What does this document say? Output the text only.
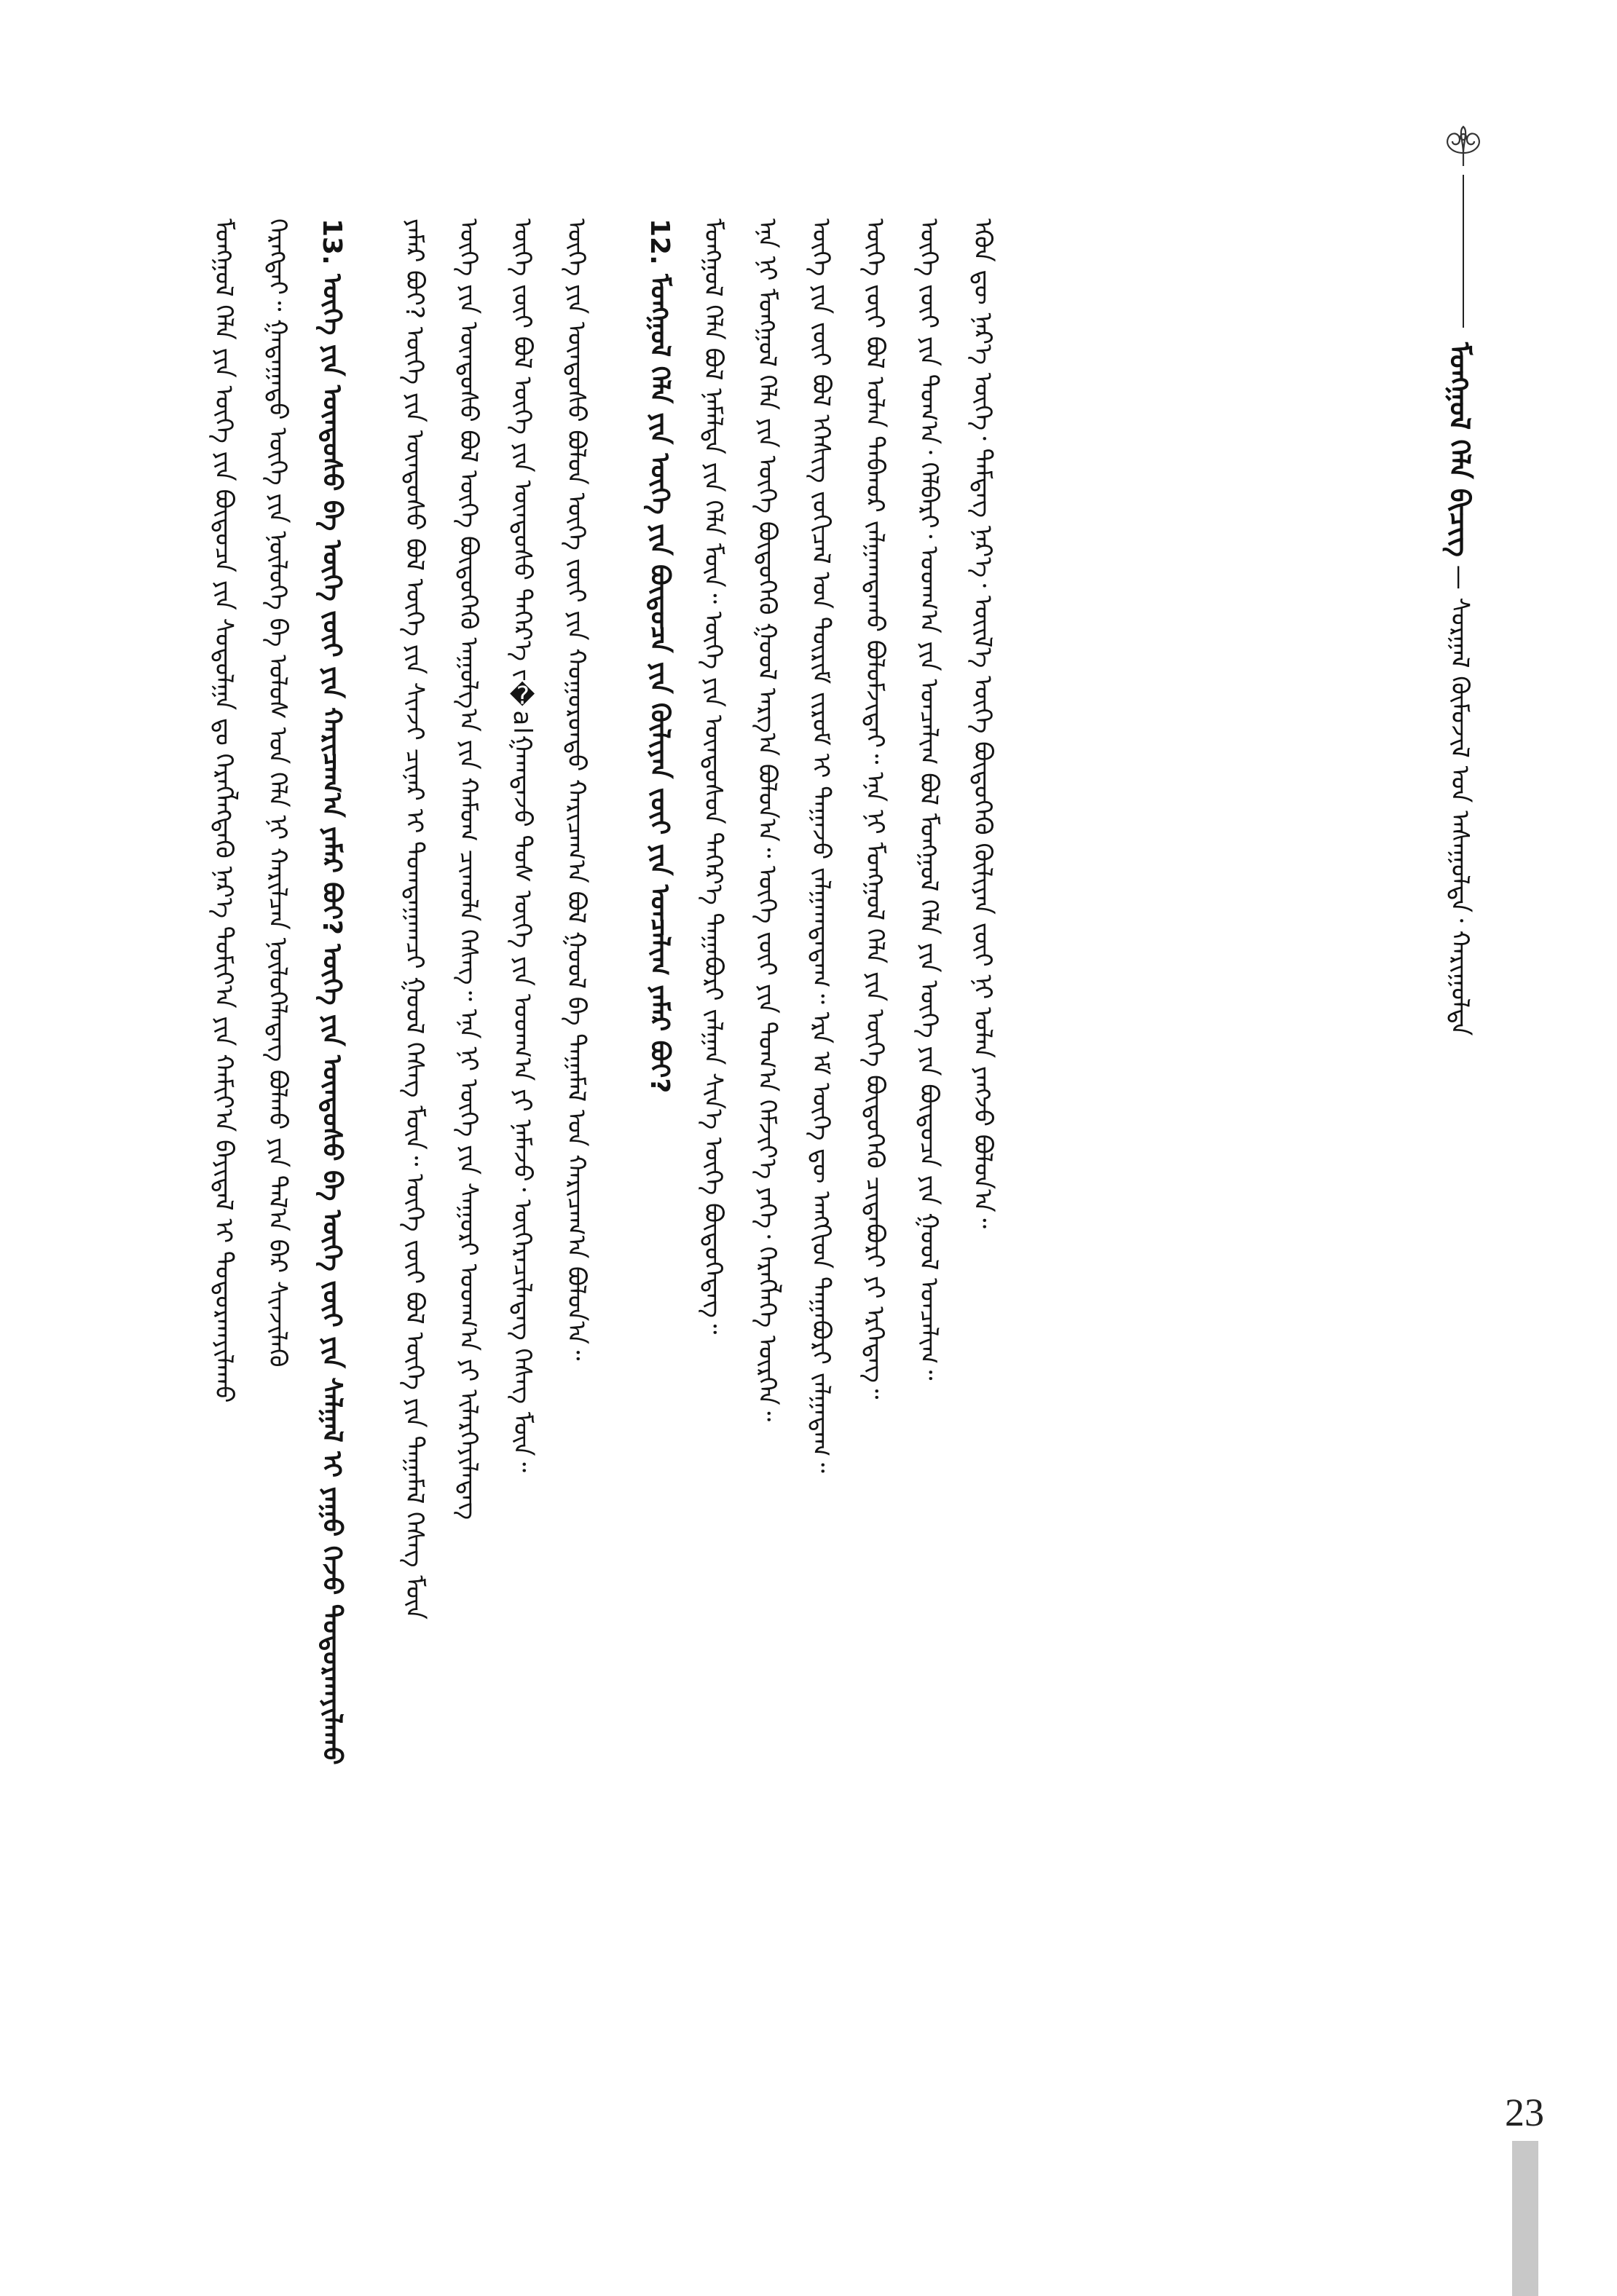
ᠮᠣᠩᠭᠣᠯ ᠬᠡᠯᠡ ᠪᠢᠴᠢᠭ — ᠰᠤᠷᠭᠠᠯ ᠬᠦᠮᠦᠵᠢᠯ ᠤᠨ ᠠᠰᠠᠭᠤᠯᠲᠠ᠂ ᠬᠠᠷᠢᠭᠤᠯᠲᠠ
ᠮᠣᠩᠭᠣᠯ ᠬᠡᠯᠡ ᠶᠢᠨ ᠦᠭᠡ ᠶᠢᠨ ᠪᠦᠲᠦᠴᠡ ᠶᠢᠨ ᠰᠤᠳᠤᠯᠭᠠ ᠳᠤ ᠬᠡᠷᠡᠭᠯᠡᠭᠳᠡᠬᠦ ᠨᠡᠷ᠎ᠡ ᠲᠣᠮᠢᠶ᠎ᠠ ᠶᠢᠨ ᠬᠠᠮᠢᠶ᠎ᠠ ᠪᠠᠶᠢᠳᠠᠯ ᠢ ᠲᠣᠳᠣᠷᠬᠠᠶᠢᠯᠠᠬᠤ	ᠬᠡᠷᠡᠭᠲᠡᠢ᠃ ᠭᠠᠳᠠᠭᠠᠳᠤ ᠦᠭᠡ ᠶᠢᠨ ᠨᠥᠯᠦᠭᠡ ᠪᠠ ᠤᠯᠤᠰ ᠤᠨ ᠬᠡᠯᠡ ᠨᠢ ᠬᠠᠷᠢᠯᠴᠠᠨ ᠨᠥᠯᠦᠭᠡᠯᠡᠳᠡᠭ ᠪᠣᠯᠬᠣ ᠶᠢᠨ ᠲᠠᠯ᠎ᠠ ᠪᠡᠷ ᠰᠢᠨᠵᠢᠯᠡᠬᠦ 13. ᠦᠭᠡ ᠶᠢᠨ ᠦᠨᠳᠦᠰᠦ ᠪᠠ ᠦᠭᠡ ᠵᠦᠢ ᠶᠢᠨ ᠬᠠᠷᠢᠴᠠᠭ᠎ᠠ ᠶᠠᠮᠠᠷ ᠪᠣᠢ? ᠦᠭᠡ ᠶᠢᠨ ᠦᠨᠳᠦᠰᠦ ᠪᠠ ᠦᠭᠡ ᠵᠦᠢ ᠶᠢᠨ ᠰᠠᠯᠭᠠᠯ ᠢ ᠶᠠᠭᠤ ᠭᠡᠵᠦ ᠲᠣᠳᠣᠷᠬᠠᠶᠢᠯᠠᠬᠤ	ᠶᠠᠮᠠᠷ ᠪᠣᠢ? ᠦᠭᠡ ᠶᠢᠨ ᠦᠨᠳᠦᠰᠦ ᠪᠣᠯ ᠦᠭᠡ ᠶᠢᠨ ᠰᠢᠨᠵᠢ ᠴᠢᠨᠠᠷ ᠢ ᠲᠣᠭᠲᠠᠭᠠᠭᠴᠢ ᠭᠣᠣᠯ ᠬᠡᠰᠡᠭ ᠮᠥᠨ᠃ ᠦᠭᠡ ᠵᠦᠢ ᠪᠣᠯ ᠦᠭᠡ ᠶᠢᠨ ᠳᠠᠭᠠᠮᠠᠯ ᠬᠡᠰᠡᠭ ᠮᠥᠨ	ᠦᠭᠡ ᠶᠢᠨ ᠦᠨᠳᠦᠰᠦ ᠪᠣᠯ ᠦᠭᠡ ᠪᠦᠲᠦᠭᠡᠬᠦ ᠠᠭᠤᠯᠭ᠎ᠠ ᠶᠢᠨ ᠬᠠᠮᠤᠭ ᠴᠢᠬᠤᠯᠠ ᠬᠡᠰᠡᠭ᠃ ᠡᠨᠡ ᠨᠢ ᠦᠭᠡ ᠶᠢᠨ ᠰᠠᠭᠤᠷᠢ ᠤᠳᠬ᠎ᠠ ᠶᠢ ᠢᠯᠡᠷᠬᠡᠶᠢᠯᠡᠳᠡᠭ	ᠦᠭᠡ ᠵᠦᠢ ᠪᠣᠯ ᠦᠭᠡ ᠶᠢᠨ ᠦᠨᠳᠦᠰᠦ ᠳᠡᠭᠡᠷ᠎ᠡ ᠵ�alᠭᠠᠭᠳᠠᠵᠤ ᠲᠤᠰ ᠦᠭᠡ ᠶᠢᠨ ᠤᠳᠬ᠎ᠠ ᠶᠢ ᠨᠡᠮᠡᠵᠦ᠂ ᠥᠭᠡᠷᠡᠴᠢᠯᠡᠳᠡᠭ ᠬᠡᠰᠡᠭ ᠮᠥᠨ᠃	ᠦᠭᠡ ᠶᠢᠨ ᠦᠨᠳᠦᠰᠦ ᠪᠣᠯᠤᠨ ᠦᠭᠡ ᠵᠦᠢ ᠶᠢᠨ ᠬᠣᠭᠣᠷᠣᠨᠳᠤ ᠬᠠᠷᠢᠴᠠᠭ᠎ᠠ ᠪᠣᠯ ᠭᠣᠣᠯ ᠪᠠ ᠳᠠᠭᠠᠮᠠᠯ ᠤᠨ ᠬᠠᠷᠢᠴᠠᠭ᠎ᠠ ᠪᠣᠯᠤᠨ᠎ᠠ᠃	12. ᠮᠣᠩᠭᠣᠯ ᠬᠡᠯᠡ ᠶᠢᠨ ᠦᠭᠡ ᠶᠢᠨ ᠪᠦᠲᠦᠴᠡ ᠶᠢᠨ ᠬᠦᠯᠢᠶᠡᠨ ᠵᠦᠢ ᠶᠢᠨ ᠣᠨᠴᠠᠯᠢᠭ ᠶᠠᠮᠠᠷ ᠪᠣᠢ? ᠮᠣᠩᠭᠣᠯ ᠬᠡᠯᠡ ᠪᠣᠯ ᠨᠡᠮᠡᠯᠲᠡ ᠶᠢᠨ ᠬᠡᠯᠡ ᠮᠥᠨ᠃ ᠦᠭᠡ ᠶᠢᠨ ᠦᠨᠳᠦᠰᠦᠨ ᠳᠡᠭᠡᠷ᠎ᠡ ᠳᠠᠭᠠᠪᠤᠷᠢ ᠵᠠᠯᠭᠠᠨ ᠰᠢᠨ᠎ᠡ ᠦᠭᠡ ᠪᠦᠲᠦᠭᠡᠳᠡᠭ᠃	ᠡᠨᠡ ᠨᠢ ᠮᠣᠩᠭᠣᠯ ᠬᠡᠯᠡ ᠶᠢᠨ ᠦᠭᠡ ᠪᠦᠲᠦᠭᠡᠬᠦ ᠭᠣᠣᠯ ᠠᠷᠭ᠎ᠠ ᠪᠣᠯᠤᠨ᠎ᠠ᠃ ᠦᠭᠡ ᠵᠦᠢ ᠶᠢᠨ ᠲᠣᠭ᠎ᠠ ᠬᠡᠮᠵᠢᠶ᠎ᠡ ᠶᠡᠬᠡ᠂ ᠬᠡᠷᠡᠭᠯᠡᠭᠡ ᠥᠷᠭᠡᠨ᠃	ᠦᠭᠡ ᠶᠢᠨ ᠵᠦᠢ ᠪᠣᠯ ᠡᠭᠡᠰᠢᠭ ᠵᠣᠬᠢᠴᠠᠯ ᠤᠨ ᠳᠦᠷᠢᠮ ᠵᠢᠷᠤᠮ ᠢ ᠳᠠᠭᠠᠵᠤ ᠵᠠᠯᠭᠠᠭᠳᠠᠳᠠᠭ᠃ ᠡᠷᠡ ᠡᠮ ᠦᠭᠡ ᠳᠦ ᠠᠩᠭᠢᠳ ᠳᠠᠭᠠᠪᠤᠷᠢ ᠵᠠᠯᠭᠠᠳᠠᠭ᠃	ᠦᠭᠡ ᠵᠦᠢ ᠪᠣᠯ ᠣᠯᠠᠨ ᠳᠠᠪᠬᠤᠷ ᠵᠠᠯᠭᠠᠭᠳᠠᠬᠤ ᠪᠣᠯᠤᠮᠵᠢᠲᠠᠢ᠃ ᠡᠨᠡ ᠨᠢ ᠮᠣᠩᠭᠣᠯ ᠬᠡᠯᠡ ᠶᠢᠨ ᠦᠭᠡ ᠪᠦᠲᠦᠭᠡᠬᠦ ᠴᠢᠳᠠᠪᠤᠷᠢ ᠶᠢ ᠡᠷᠬᠡᠳᠡᠭ᠃	ᠦᠭᠡ ᠵᠦᠢ ᠶᠢᠨ ᠲᠣᠭ᠎ᠠ᠂ ᠬᠡᠯᠪᠡᠷᠢ᠂ ᠤᠳᠬ᠎ᠠ ᠶᠢᠨ ᠣᠨᠴᠠᠯᠢᠭ ᠪᠣᠯ ᠮᠣᠩᠭᠣᠯ ᠬᠡᠯᠡ ᠶᠢᠨ ᠦᠭᠡ ᠶᠢᠨ ᠪᠦᠲᠦᠴᠡ ᠶᠢᠨ ᠭᠣᠣᠯ ᠣᠨᠴᠠᠯᠢᠭ᠃	ᠡᠭᠦᠨ ᠳᠦ ᠨᠡᠷ᠎ᠡ ᠦᠭᠡ᠂ ᠲᠡᠮᠳᠡᠭ ᠨᠡᠷ᠎ᠡ᠂ ᠦᠢᠯ᠎ᠡ ᠦᠭᠡ ᠪᠦᠲᠦᠭᠡᠬᠦ ᠬᠦᠯᠢᠶᠡᠨ ᠵᠦᠢ ᠨᠢ ᠣᠯᠠᠨ ᠶᠠᠩᠵᠤ ᠪᠣᠯᠤᠨ᠎ᠠ᠃
23
